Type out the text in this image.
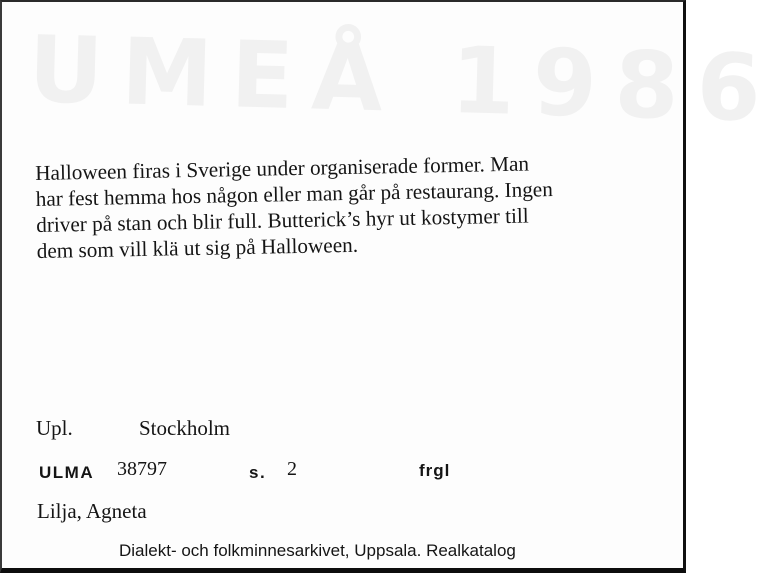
UMEÅ 1986
Halloween firas i Sverige under organiserade former. Man
har fest hemma hos någon eller man går på restaurang. Ingen
driver på stan och blir full. Butterick’s hyr ut kostymer till
dem som vill klä ut sig på Halloween.
Upl.	Stockholm
ULMA 38797	s. 2	frgl
Lilja, Agneta
Dialekt- och folkminnesarkivet, Uppsala. Realkatalog
